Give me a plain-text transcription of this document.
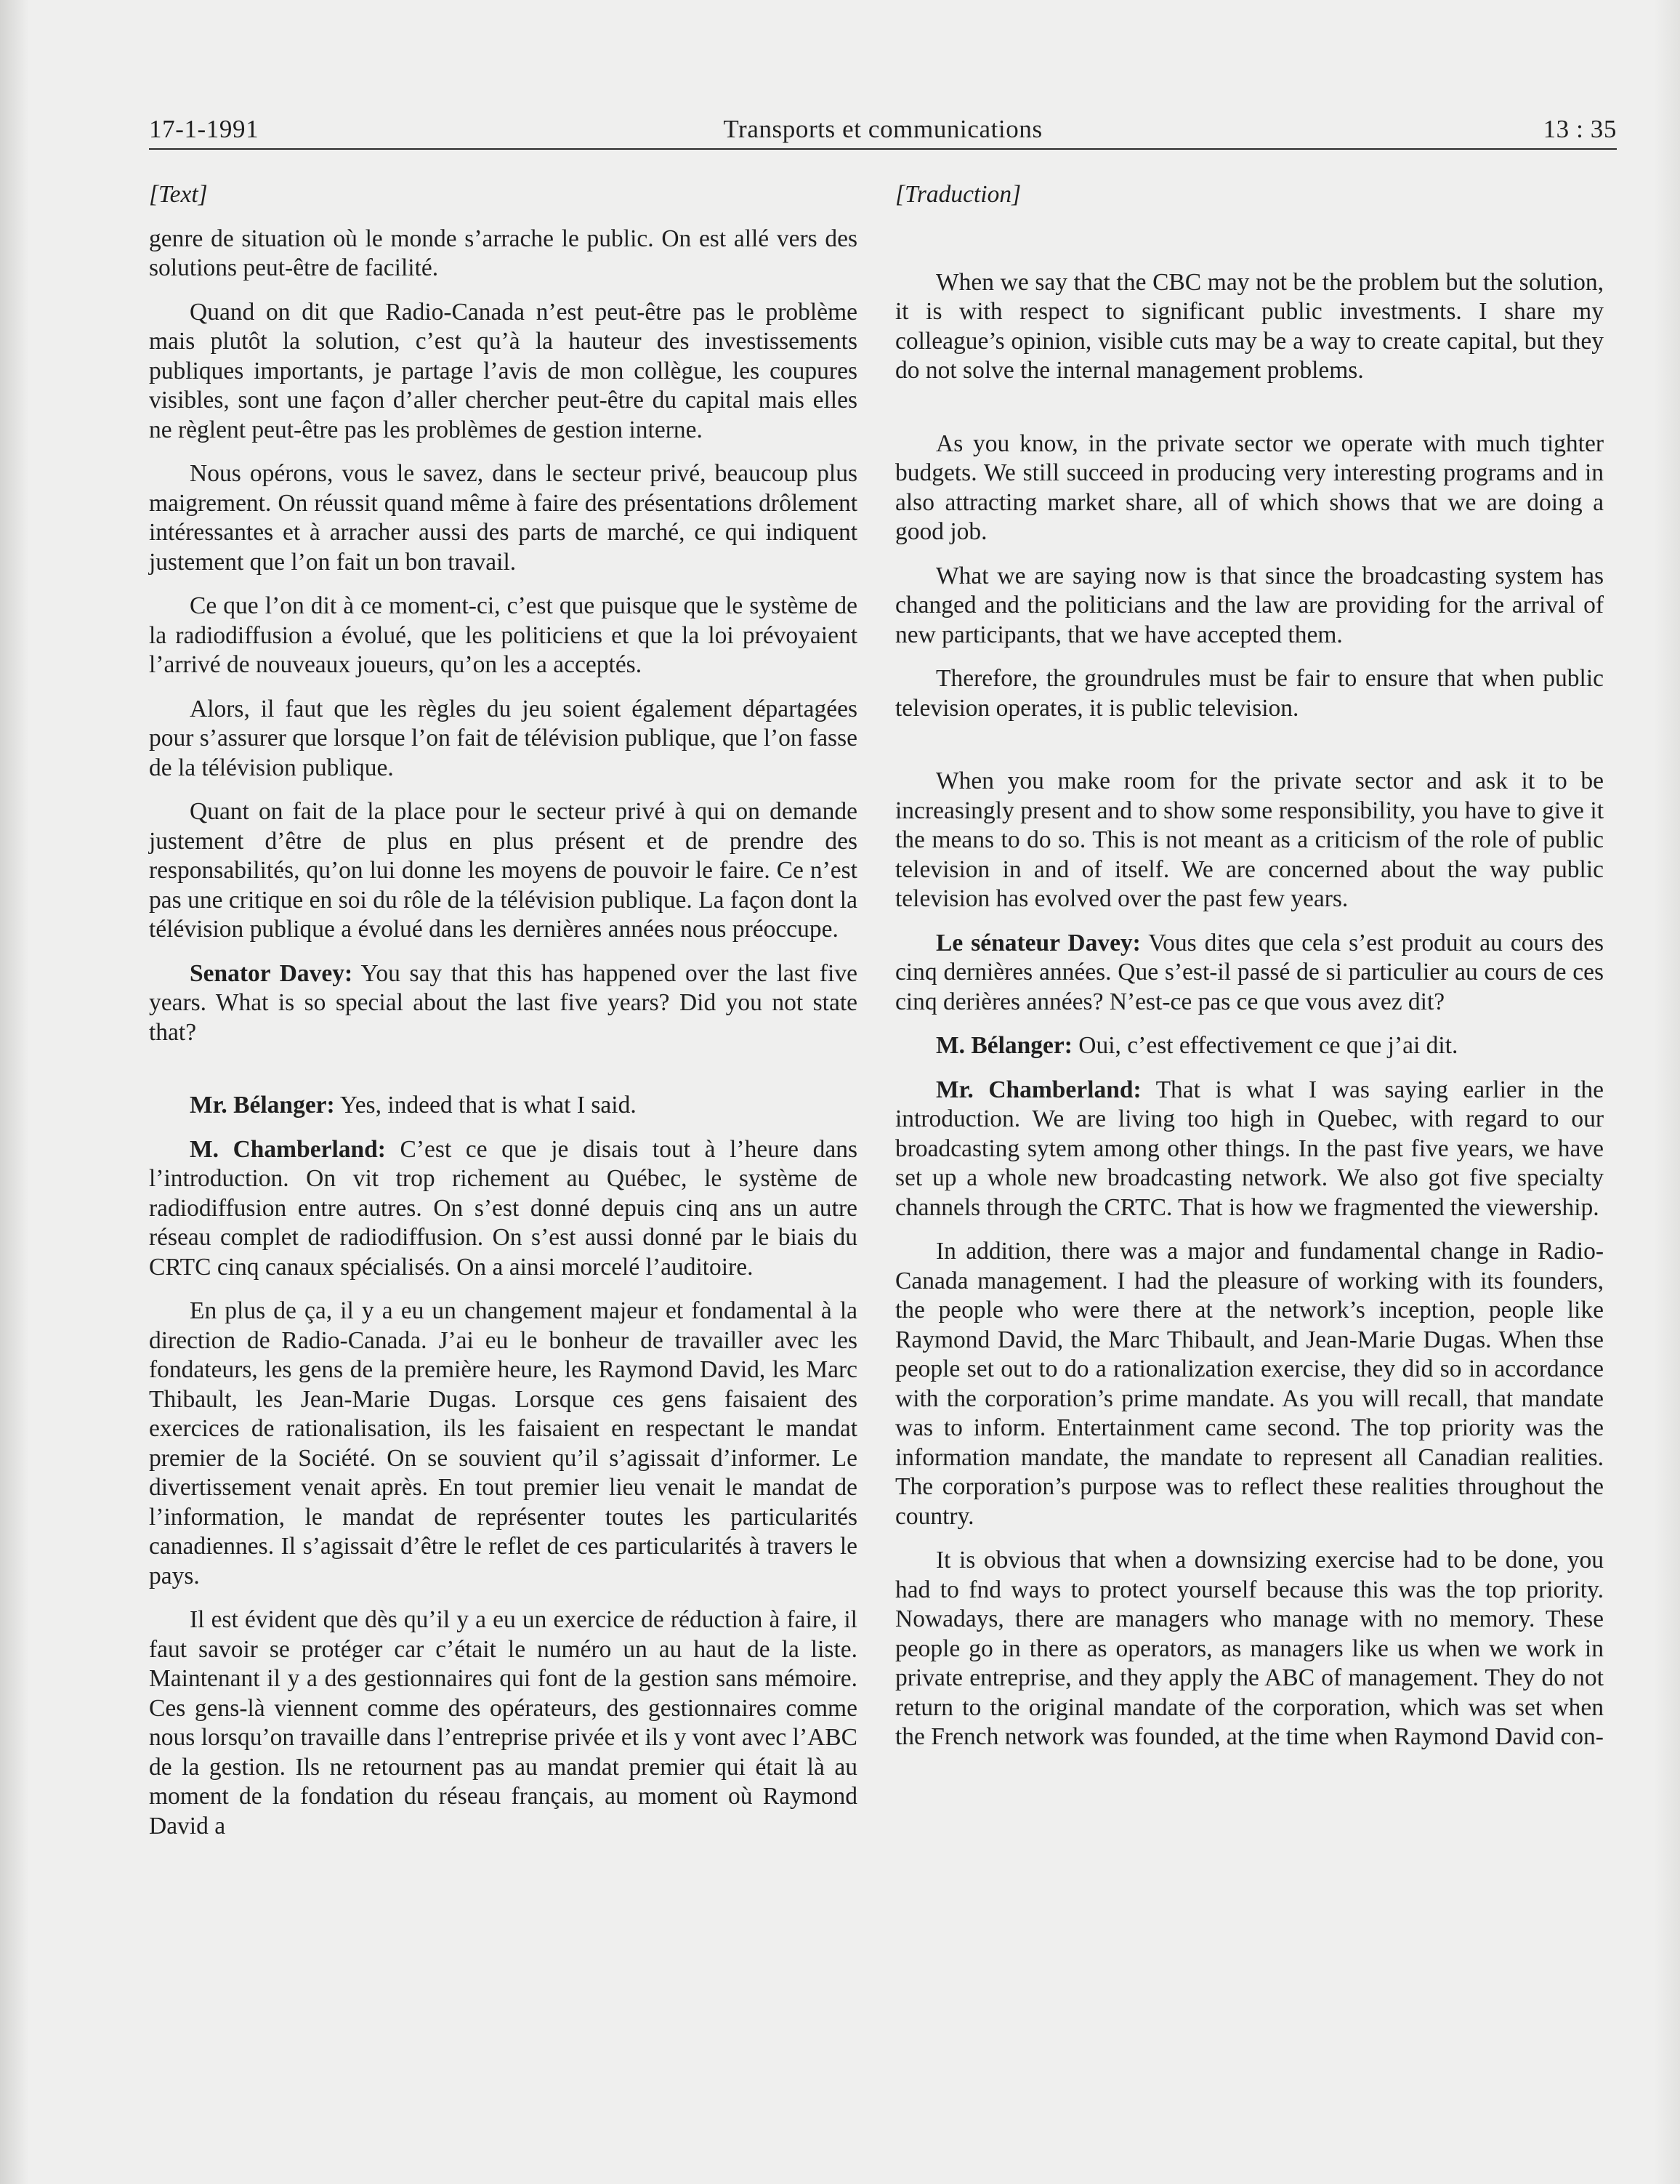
17-1-1991	Transports et communications	13 : 35

[Text]

genre de situation où le monde s’arrache le public. On est allé vers des solutions peut-être de facilité.

Quand on dit que Radio-Canada n’est peut-être pas le problème mais plutôt la solution, c’est qu’à la hauteur des investissements publiques importants, je partage l’avis de mon collègue, les coupures visibles, sont une façon d’aller chercher peut-être du capital mais elles ne règlent peut-être pas les problèmes de gestion interne.

Nous opérons, vous le savez, dans le secteur privé, beaucoup plus maigrement. On réussit quand même à faire des présentations drôlement intéressantes et à arracher aussi des parts de marché, ce qui indiquent justement que l’on fait un bon travail.

Ce que l’on dit à ce moment-ci, c’est que puisque que le système de la radiodiffusion a évolué, que les politiciens et que la loi prévoyaient l’arrivé de nouveaux joueurs, qu’on les a acceptés.

Alors, il faut que les règles du jeu soient également départagées pour s’assurer que lorsque l’on fait de télévision publique, que l’on fasse de la télévision publique.

Quant on fait de la place pour le secteur privé à qui on demande justement d’être de plus en plus présent et de prendre des responsabilités, qu’on lui donne les moyens de pouvoir le faire. Ce n’est pas une critique en soi du rôle de la télévision publique. La façon dont la télévision publique a évolué dans les dernières années nous préoccupe.

Senator Davey: You say that this has happened over the last five years. What is so special about the last five years? Did you not state that?

Mr. Bélanger: Yes, indeed that is what I said.

M. Chamberland: C’est ce que je disais tout à l’heure dans l’introduction. On vit trop richement au Québec, le système de radiodiffusion entre autres. On s’est donné depuis cinq ans un autre réseau complet de radiodiffusion. On s’est aussi donné par le biais du CRTC cinq canaux spécialisés. On a ainsi morcelé l’auditoire.

En plus de ça, il y a eu un changement majeur et fondamental à la direction de Radio-Canada. J’ai eu le bonheur de travailler avec les fondateurs, les gens de la première heure, les Raymond David, les Marc Thibault, les Jean-Marie Dugas. Lorsque ces gens faisaient des exercices de rationalisation, ils les faisaient en respectant le mandat premier de la Société. On se souvient qu’il s’agissait d’informer. Le divertissement venait après. En tout premier lieu venait le mandat de l’information, le mandat de représenter toutes les particularités canadiennes. Il s’agissait d’être le reflet de ces particularités à travers le pays.

Il est évident que dès qu’il y a eu un exercice de réduction à faire, il faut savoir se protéger car c’était le numéro un au haut de la liste. Maintenant il y a des gestionnaires qui font de la gestion sans mémoire. Ces gens-là viennent comme des opérateurs, des gestionnaires comme nous lorsqu’on travaille dans l’entreprise privée et ils y vont avec l’ABC de la gestion. Ils ne retournent pas au mandat premier qui était là au moment de la fondation du réseau français, au moment où Raymond David a

[Traduction]

When we say that the CBC may not be the problem but the solution, it is with respect to significant public investments. I share my colleague’s opinion, visible cuts may be a way to create capital, but they do not solve the internal management problems.

As you know, in the private sector we operate with much tighter budgets. We still succeed in producing very interesting programs and in also attracting market share, all of which shows that we are doing a good job.

What we are saying now is that since the broadcasting system has changed and the politicians and the law are providing for the arrival of new participants, that we have accepted them.

Therefore, the groundrules must be fair to ensure that when public television operates, it is public television.

When you make room for the private sector and ask it to be increasingly present and to show some responsibility, you have to give it the means to do so. This is not meant as a criticism of the role of public television in and of itself. We are concerned about the way public television has evolved over the past few years.

Le sénateur Davey: Vous dites que cela s’est produit au cours des cinq dernières années. Que s’est-il passé de si particulier au cours de ces cinq derières années? N’est-ce pas ce que vous avez dit?

M. Bélanger: Oui, c’est effectivement ce que j’ai dit.

Mr. Chamberland: That is what I was saying earlier in the introduction. We are living too high in Quebec, with regard to our broadcasting sytem among other things. In the past five years, we have set up a whole new broadcasting network. We also got five specialty channels through the CRTC. That is how we fragmented the viewership.

In addition, there was a major and fundamental change in Radio-Canada management. I had the pleasure of working with its founders, the people who were there at the network’s inception, people like Raymond David, the Marc Thibault, and Jean-Marie Dugas. When thse people set out to do a rationalization exercise, they did so in accordance with the corporation’s prime mandate. As you will recall, that mandate was to inform. Entertainment came second. The top priority was the information mandate, the mandate to represent all Canadian realities. The corporation’s purpose was to reflect these realities throughout the country.

It is obvious that when a downsizing exercise had to be done, you had to fnd ways to protect yourself because this was the top priority. Nowadays, there are managers who manage with no memory. These people go in there as operators, as managers like us when we work in private entreprise, and they apply the ABC of management. They do not return to the original mandate of the corporation, which was set when the French network was founded, at the time when Raymond David con-
